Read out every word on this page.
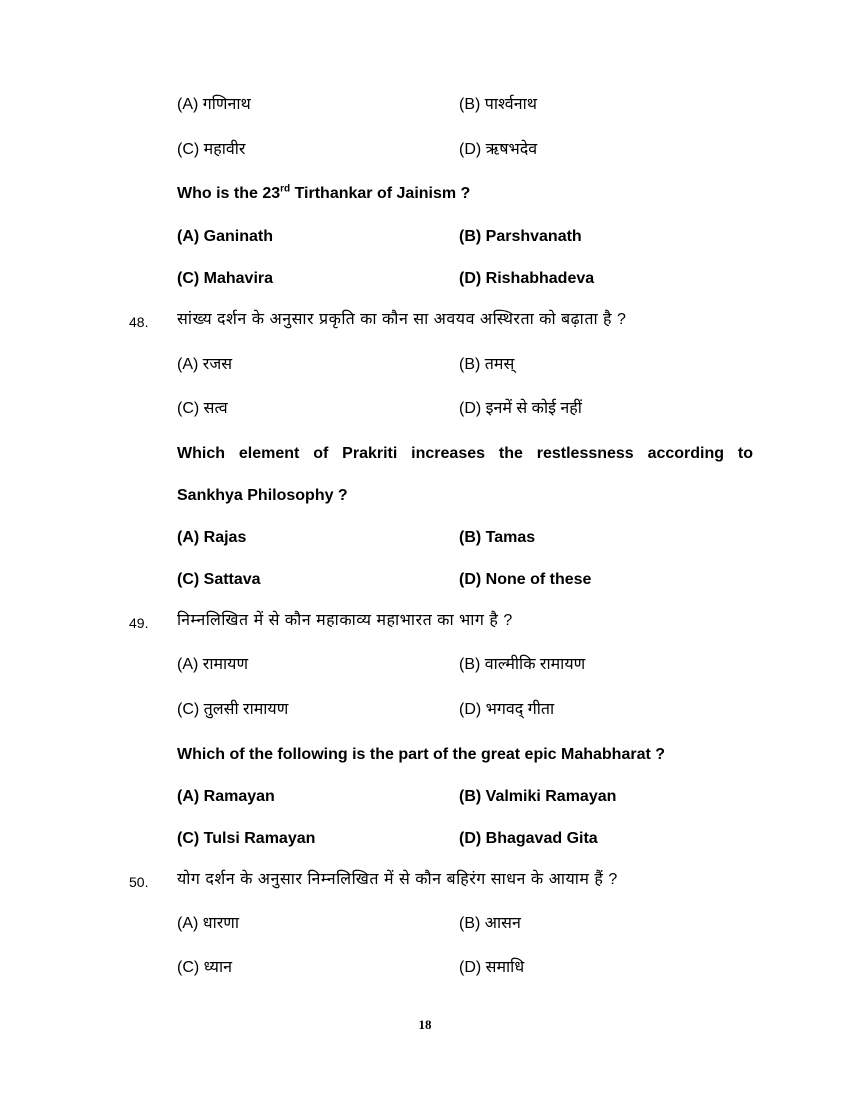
(A) गणिनाथ	(B) पार्श्वनाथ
(C) महावीर	(D) ऋषभदेव
Who is the 23rd Tirthankar of Jainism ?
(A) Ganinath	(B) Parshvanath
(C) Mahavira	(D) Rishabhadeva
48. सांख्य दर्शन के अनुसार प्रकृति का कौन सा अवयव अस्थिरता को बढ़ाता है ?
(A) रजस	(B) तमस्
(C) सत्व	(D) इनमें से कोई नहीं
Which element of Prakriti increases the restlessness according to
Sankhya Philosophy ?
(A) Rajas	(B) Tamas
(C) Sattava	(D) None of these
49. निम्नलिखित में से कौन महाकाव्य महाभारत का भाग है ?
(A) रामायण	(B) वाल्मीकि रामायण
(C) तुलसी रामायण	(D) भगवद् गीता
Which of the following is the part of the great epic Mahabharat ?
(A) Ramayan	(B) Valmiki Ramayan
(C) Tulsi Ramayan	(D) Bhagavad Gita
50. योग दर्शन के अनुसार निम्नलिखित में से कौन बहिरंग साधन के आयाम हैं ?
(A) धारणा	(B) आसन
(C) ध्यान	(D) समाधि
18
